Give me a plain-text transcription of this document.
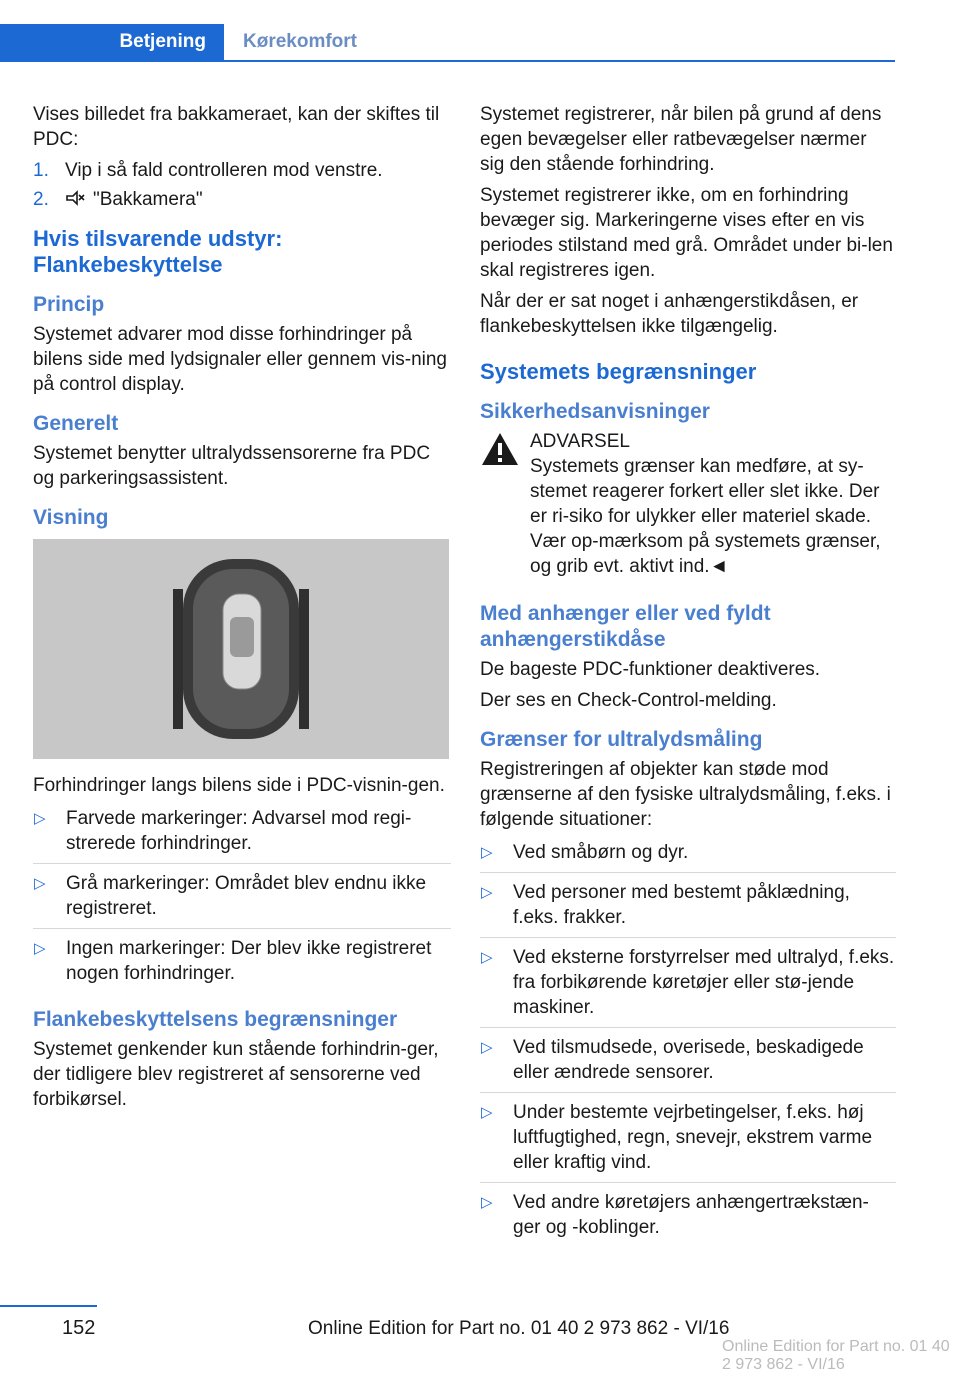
Betjening	Kørekomfort

Vises billedet fra bakkameraet, kan der skiftes til PDC:

1. Vip i så fald controlleren mod venstre.
2. "Bakkamera"
Hvis tilsvarende udstyr: Flankebeskyttelse
Princip

Systemet advarer mod disse forhindringer på bilens side med lydsignaler eller gennem vis-ning på control display.

Generelt

Systemet benytter ultralydssensorerne fra PDC og parkeringsassistent.

Visning

Forhindringer langs bilens side i PDC-visnin-gen.

▷ Farvede markeringer: Advarsel mod regi-strerede forhindringer.
▷ Grå markeringer: Området blev endnu ikke registreret.
▷ Ingen markeringer: Der blev ikke registreret nogen forhindringer.
Flankebeskyttelsens begrænsninger

Systemet genkender kun stående forhindrin-ger, der tidligere blev registreret af sensorerne ved forbikørsel.

Systemet registrerer, når bilen på grund af dens egen bevægelser eller ratbevægelser nærmer sig den stående forhindring.

Systemet registrerer ikke, om en forhindring bevæger sig. Markeringerne vises efter en vis periodes stilstand med grå. Området under bi-len skal registreres igen.

Når der er sat noget i anhængerstikdåsen, er flankebeskyttelsen ikke tilgængelig.

Systemets begrænsninger
Sikkerhedsanvisninger
ADVARSEL

Systemets grænser kan medføre, at sy-stemet reagerer forkert eller slet ikke. Der er ri-siko for ulykker eller materiel skade. Vær op-mærksom på systemets grænser, og grib evt. aktivt ind.◄

Med anhænger eller ved fyldt anhængerstikdåse

De bageste PDC-funktioner deaktiveres.

Der ses en Check-Control-melding.

Grænser for ultralydsmåling

Registreringen af objekter kan støde mod grænserne af den fysiske ultralydsmåling, f.eks. i følgende situationer:

▷ Ved småbørn og dyr.
▷ Ved personer med bestemt påklædning, f.eks. frakker.
▷ Ved eksterne forstyrrelser med ultralyd, f.eks. fra forbikørende køretøjer eller stø-jende maskiner.
▷ Ved tilsmudsede, overisede, beskadigede eller ændrede sensorer.
▷ Under bestemte vejrbetingelser, f.eks. høj luftfugtighed, regn, snevejr, ekstrem varme eller kraftig vind.
▷ Ved andre køretøjers anhængertrækstæn-ger og -koblinger.
152	Online Edition for Part no. 01 40 2 973 862 - VI/16
Online Edition for Part no. 01 40 2 973 862 - VI/16
